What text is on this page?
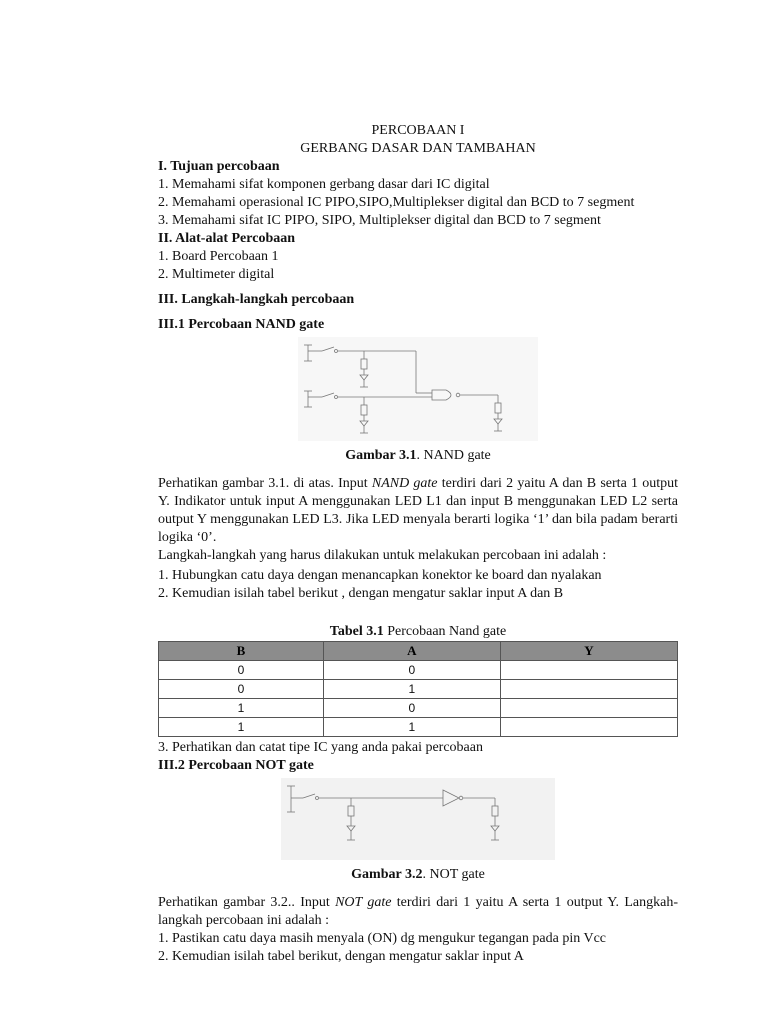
PERCOBAAN I
GERBANG DASAR DAN TAMBAHAN
I. Tujuan percobaan
1. Memahami sifat komponen gerbang dasar dari IC digital
2. Memahami operasional IC PIPO,SIPO,Multiplekser digital dan BCD to 7 segment
3. Memahami sifat IC PIPO, SIPO, Multiplekser digital dan BCD to 7 segment
II. Alat-alat Percobaan
1. Board Percobaan 1
2. Multimeter digital
III. Langkah-langkah percobaan
III.1 Percobaan NAND gate
Gambar 3.1. NAND gate
Perhatikan gambar 3.1. di atas. Input NAND gate terdiri dari 2 yaitu A dan B serta 1 output Y. Indikator untuk input A menggunakan LED L1 dan input B menggunakan LED L2 serta output Y menggunakan LED L3. Jika LED menyala berarti logika ‘1’ dan bila padam berarti logika ‘0’.
Langkah-langkah yang harus dilakukan untuk melakukan percobaan ini adalah :
1. Hubungkan catu daya dengan menancapkan konektor ke board dan nyalakan
2. Kemudian isilah tabel berikut , dengan mengatur saklar input A dan B
Tabel 3.1 Percobaan Nand gate
B	A	Y
0	0	
0	1	
1	0	
1	1	
3. Perhatikan dan catat tipe IC yang anda pakai percobaan
III.2 Percobaan NOT gate
Gambar 3.2. NOT gate
Perhatikan gambar 3.2.. Input NOT gate terdiri dari 1 yaitu A serta 1 output Y. Langkah-langkah percobaan ini adalah :
1. Pastikan catu daya masih menyala (ON) dg mengukur tegangan pada pin Vcc
2. Kemudian isilah tabel berikut, dengan mengatur saklar input A
